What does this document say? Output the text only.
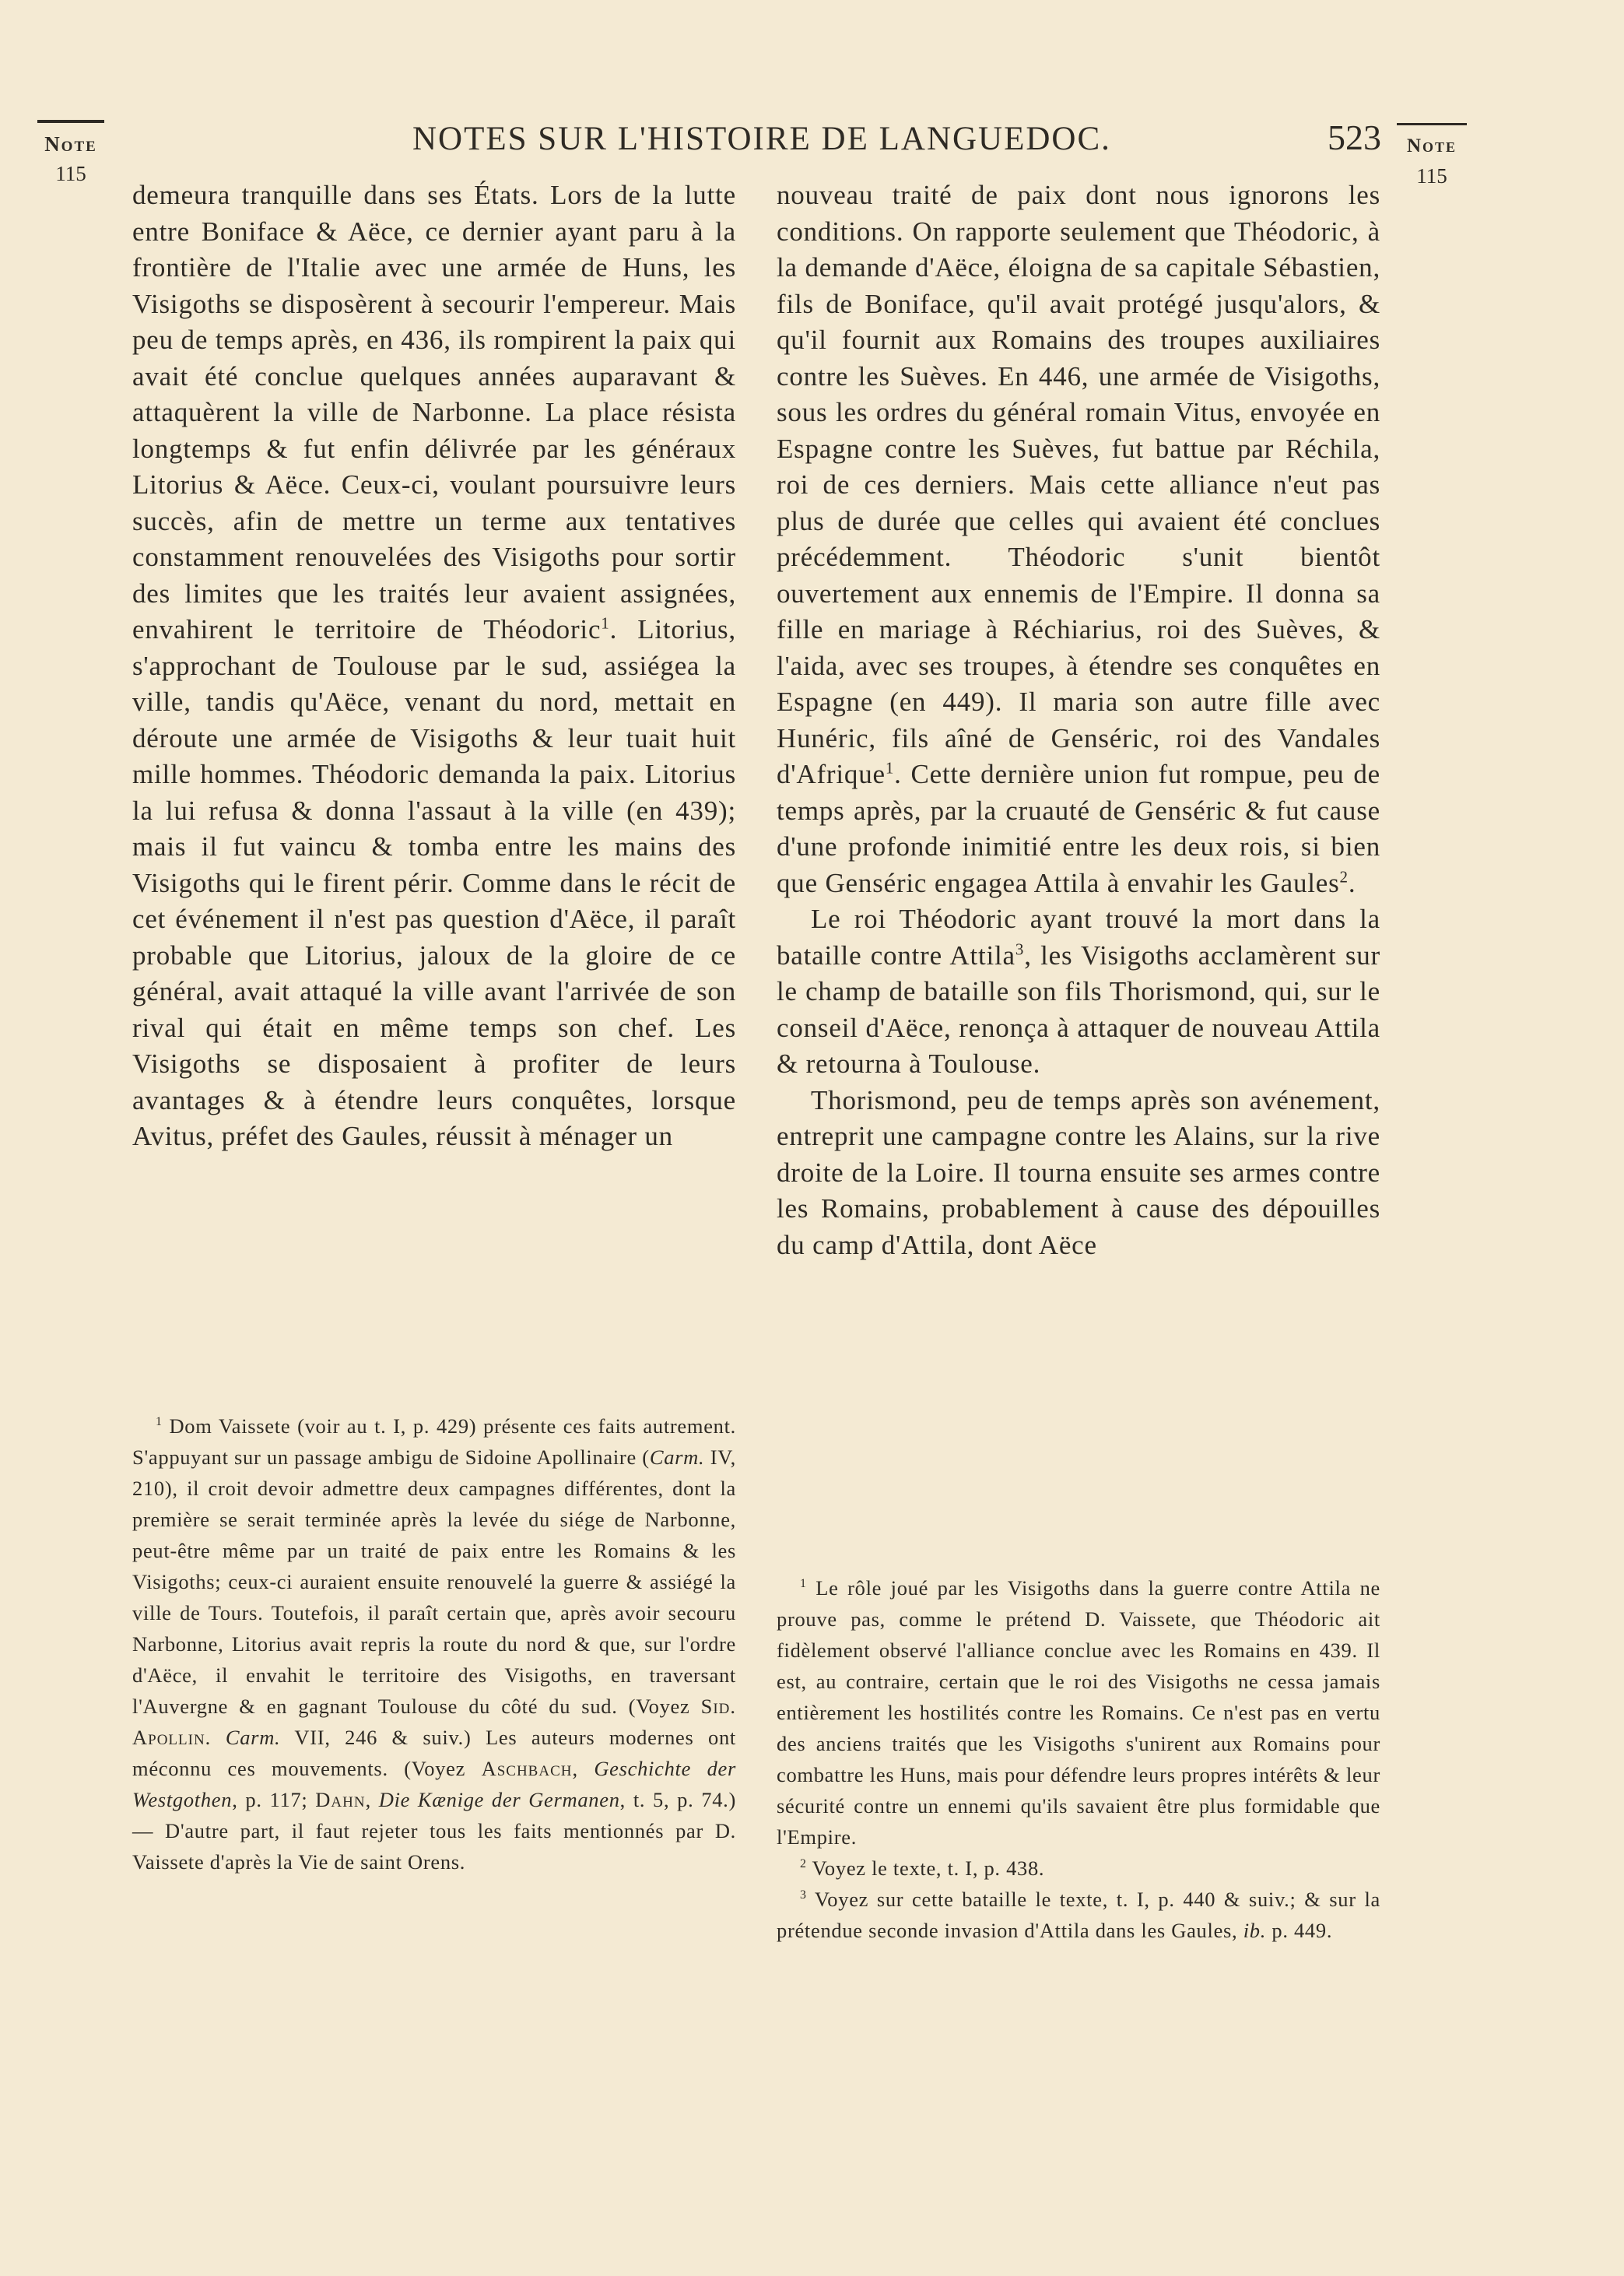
Note
115
Note
115
NOTES SUR L'HISTOIRE DE LANGUEDOC.	523

demeura tranquille dans ses États. Lors de la lutte entre Boniface & Aëce, ce dernier ayant paru à la frontière de l'Italie avec une armée de Huns, les Visigoths se disposèrent à secourir l'empereur. Mais peu de temps après, en 436, ils rompirent la paix qui avait été conclue quelques années auparavant & attaquèrent la ville de Narbonne. La place résista longtemps & fut enfin délivrée par les généraux Litorius & Aëce. Ceux-ci, voulant poursuivre leurs succès, afin de mettre un terme aux tentatives constamment renouvelées des Visigoths pour sortir des limites que les traités leur avaient assignées, envahirent le territoire de Théodoric$^1$. Litorius, s'approchant de Toulouse par le sud, assiégea la ville, tandis qu'Aëce, venant du nord, mettait en déroute une armée de Visigoths & leur tuait huit mille hommes. Théodoric demanda la paix. Litorius la lui refusa & donna l'assaut à la ville (en 439); mais il fut vaincu & tomba entre les mains des Visigoths qui le firent périr. Comme dans le récit de cet événement il n'est pas question d'Aëce, il paraît probable que Litorius, jaloux de la gloire de ce général, avait attaqué la ville avant l'arrivée de son rival qui était en même temps son chef. Les Visigoths se disposaient à profiter de leurs avantages & à étendre leurs conquêtes, lorsque Avitus, préfet des Gaules, réussit à ménager un

nouveau traité de paix dont nous ignorons les conditions. On rapporte seulement que Théodoric, à la demande d'Aëce, éloigna de sa capitale Sébastien, fils de Boniface, qu'il avait protégé jusqu'alors, & qu'il fournit aux Romains des troupes auxiliaires contre les Suèves. En 446, une armée de Visigoths, sous les ordres du général romain Vitus, envoyée en Espagne contre les Suèves, fut battue par Réchila, roi de ces derniers. Mais cette alliance n'eut pas plus de durée que celles qui avaient été conclues précédemment. Théodoric s'unit bientôt ouvertement aux ennemis de l'Empire. Il donna sa fille en mariage à Réchiarius, roi des Suèves, & l'aida, avec ses troupes, à étendre ses conquêtes en Espagne (en 449). Il maria son autre fille avec Hunéric, fils aîné de Genséric, roi des Vandales d'Afrique$^1$. Cette dernière union fut rompue, peu de temps après, par la cruauté de Genséric & fut cause d'une profonde inimitié entre les deux rois, si bien que Genséric engagea Attila à envahir les Gaules$^2$.

Le roi Théodoric ayant trouvé la mort dans la bataille contre Attila$^3$, les Visigoths acclamèrent sur le champ de bataille son fils Thorismond, qui, sur le conseil d'Aëce, renonça à attaquer de nouveau Attila & retourna à Toulouse.

Thorismond, peu de temps après son avénement, entreprit une campagne contre les Alains, sur la rive droite de la Loire. Il tourna ensuite ses armes contre les Romains, probablement à cause des dépouilles du camp d'Attila, dont Aëce

$^1$ Dom Vaissete (voir au t. I, p. 429) présente ces faits autrement. S'appuyant sur un passage ambigu de Sidoine Apollinaire (Carm. IV, 210), il croit devoir admettre deux campagnes différentes, dont la première se serait terminée après la levée du siége de Narbonne, peut-être même par un traité de paix entre les Romains & les Visigoths; ceux-ci auraient ensuite renouvelé la guerre & assiégé la ville de Tours. Toutefois, il paraît certain que, après avoir secouru Narbonne, Litorius avait repris la route du nord & que, sur l'ordre d'Aëce, il envahit le territoire des Visigoths, en traversant l'Auvergne & en gagnant Toulouse du côté du sud. (Voyez Sid. Apollin. Carm. VII, 246 & suiv.) Les auteurs modernes ont méconnu ces mouvements. (Voyez Aschbach, Geschichte der Westgothen, p. 117; Dahn, Die Kænige der Germanen, t. 5, p. 74.) — D'autre part, il faut rejeter tous les faits mentionnés par D. Vaissete d'après la Vie de saint Orens.

$^1$ Le rôle joué par les Visigoths dans la guerre contre Attila ne prouve pas, comme le prétend D. Vaissete, que Théodoric ait fidèlement observé l'alliance conclue avec les Romains en 439. Il est, au contraire, certain que le roi des Visigoths ne cessa jamais entièrement les hostilités contre les Romains. Ce n'est pas en vertu des anciens traités que les Visigoths s'unirent aux Romains pour combattre les Huns, mais pour défendre leurs propres intérêts & leur sécurité contre un ennemi qu'ils savaient être plus formidable que l'Empire.

$^2$ Voyez le texte, t. I, p. 438.

$^3$ Voyez sur cette bataille le texte, t. I, p. 440 & suiv.; & sur la prétendue seconde invasion d'Attila dans les Gaules, ib. p. 449.
